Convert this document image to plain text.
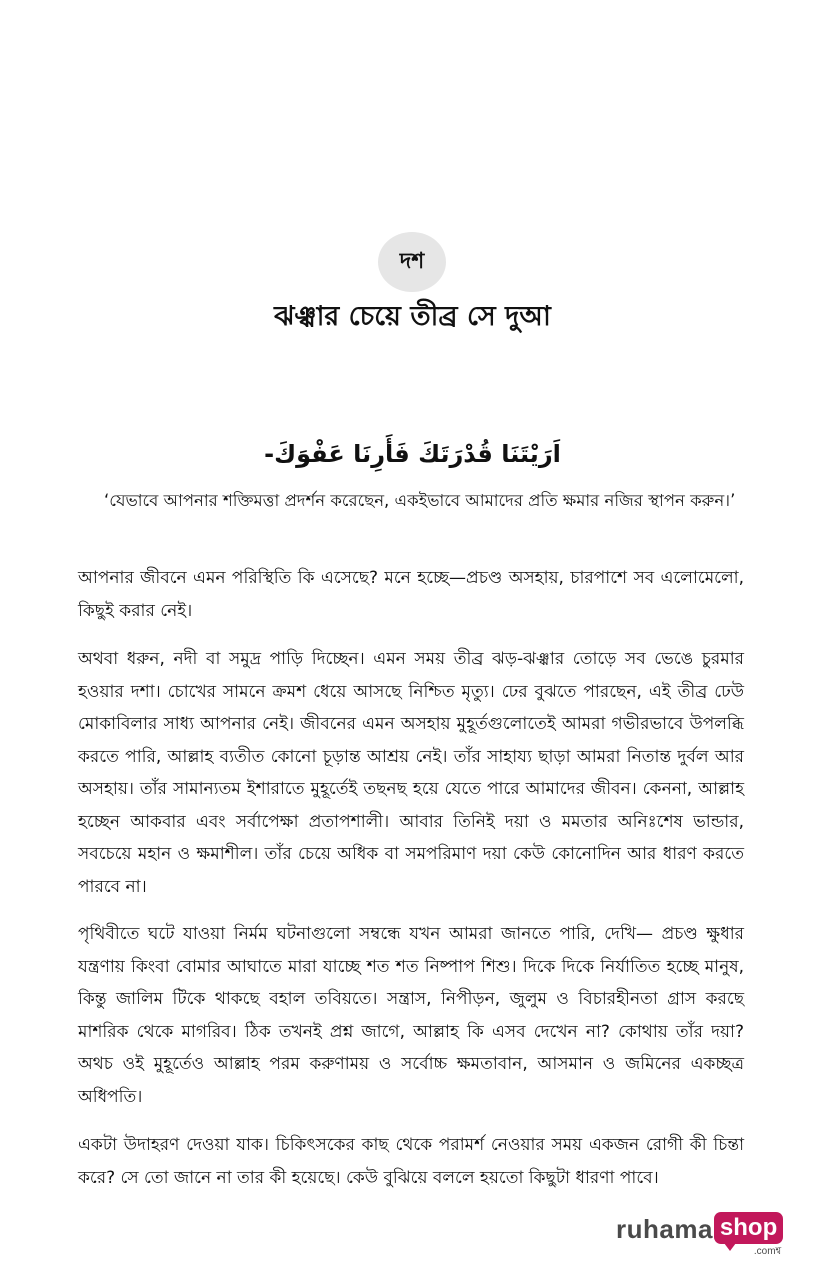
দশ
ঝঞ্ঝার চেয়ে তীব্র সে দুআ
اَرَيْتَنَا قُدْرَتَكَ فَأَرِنَا عَفْوَكَ-
‘যেভাবে আপনার শক্তিমত্তা প্রদর্শন করেছেন, একইভাবে আমাদের প্রতি ক্ষমার নজির স্থাপন করুন।’

আপনার জীবনে এমন পরিস্থিতি কি এসেছে? মনে হচ্ছে—প্রচণ্ড অসহায়, চারপাশে সব এলোমেলো, কিছুই করার নেই।

অথবা ধরুন, নদী বা সমুদ্র পাড়ি দিচ্ছেন। এমন সময় তীব্র ঝড়-ঝঞ্ঝার তোড়ে সব ভেঙে চুরমার হওয়ার দশা। চোখের সামনে ক্রমশ ধেয়ে আসছে নিশ্চিত মৃত্যু। ঢের বুঝতে পারছেন, এই তীব্র ঢেউ মোকাবিলার সাধ্য আপনার নেই। জীবনের এমন অসহায় মুহূর্তগুলোতেই আমরা গভীরভাবে উপলব্ধি করতে পারি, আল্লাহ ব্যতীত কোনো চূড়ান্ত আশ্রয় নেই। তাঁর সাহায্য ছাড়া আমরা নিতান্ত দুর্বল আর অসহায়। তাঁর সামান্যতম ইশারাতে মুহূর্তেই তছনছ হয়ে যেতে পারে আমাদের জীবন। কেননা, আল্লাহ হচ্ছেন আকবার এবং সর্বাপেক্ষা প্রতাপশালী। আবার তিনিই দয়া ও মমতার অনিঃশেষ ভান্ডার, সবচেয়ে মহান ও ক্ষমাশীল। তাঁর চেয়ে অধিক বা সমপরিমাণ দয়া কেউ কোনোদিন আর ধারণ করতে পারবে না।

পৃথিবীতে ঘটে যাওয়া নির্মম ঘটনাগুলো সম্বন্ধে যখন আমরা জানতে পারি, দেখি— প্রচণ্ড ক্ষুধার যন্ত্রণায় কিংবা বোমার আঘাতে মারা যাচ্ছে শত শত নিষ্পাপ শিশু। দিকে দিকে নির্যাতিত হচ্ছে মানুষ, কিন্তু জালিম টিকে থাকছে বহাল তবিয়তে। সন্ত্রাস, নিপীড়ন, জুলুম ও বিচারহীনতা গ্রাস করছে মাশরিক থেকে মাগরিব। ঠিক তখনই প্রশ্ন জাগে, আল্লাহ কি এসব দেখেন না? কোথায় তাঁর দয়া? অথচ ওই মুহূর্তেও আল্লাহ পরম করুণাময় ও সর্বোচ্চ ক্ষমতাবান, আসমান ও জমিনের একচ্ছত্র অধিপতি।

একটা উদাহরণ দেওয়া যাক। চিকিৎসকের কাছ থেকে পরামর্শ নেওয়ার সময় একজন রোগী কী চিন্তা করে? সে তো জানে না তার কী হয়েছে। কেউ বুঝিয়ে বললে হয়তো কিছুটা ধারণা পাবে।

ruhama shop
.comশ্ব
